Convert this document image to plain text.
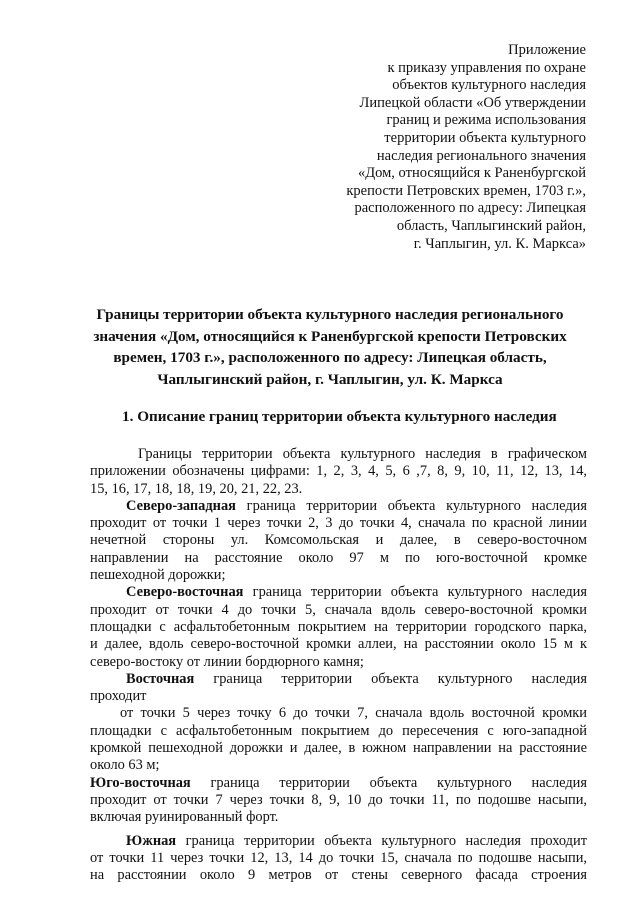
Приложение
к приказу управления по охране
объектов культурного наследия
Липецкой области «Об утверждении
границ и режима использования
территории объекта культурного
наследия регионального значения
«Дом, относящийся к Раненбургской
крепости Петровских времен, 1703 г.»,
расположенного по адресу: Липецкая
область, Чаплыгинский район,
г. Чаплыгин, ул. К. Маркса»
Границы территории объекта культурного наследия регионального
значения «Дом, относящийся к Раненбургской крепости Петровских
времен, 1703 г.», расположенного по адресу: Липецкая область,
Чаплыгинский район, г. Чаплыгин, ул. К. Маркса
1. Описание границ территории объекта культурного наследия

Границы территории объекта культурного наследия в графическом
приложении обозначены цифрами: 1, 2, 3, 4, 5, 6 ,7, 8, 9, 10, 11, 12, 13, 14,
15, 16, 17, 18, 18, 19, 20, 21, 22, 23.

Северо-западная граница территории объекта культурного наследия
проходит от точки 1 через точки 2, 3 до точки 4, сначала по красной линии
нечетной стороны ул. Комсомольская и далее, в северо-восточном
направлении на расстояние около 97 м по юго-восточной кромке
пешеходной дорожки;

Северо-восточная граница территории объекта культурного наследия
проходит от точки 4 до точки 5, сначала вдоль северо-восточной кромки
площадки с асфальтобетонным покрытием на территории городского парка,
и далее, вдоль северо-восточной кромки аллеи, на расстоянии около 15 м к
северо-востоку от линии бордюрного камня;

Восточная граница территории объекта культурного наследия
проходит
от точки 5 через точку 6 до точки 7, сначала вдоль восточной кромки
площадки с асфальтобетонным покрытием до пересечения с юго-западной
кромкой пешеходной дорожки и далее, в южном направлении на расстояние
около 63 м;

Юго-восточная граница территории объекта культурного наследия
проходит от точки 7 через точки 8, 9, 10 до точки 11, по подошве насыпи,
включая руинированный форт.

Южная граница территории объекта культурного наследия проходит
от точки 11 через точки 12, 13, 14 до точки 15, сначала по подошве насыпи,
на расстоянии около 9 метров от стены северного фасада строения
